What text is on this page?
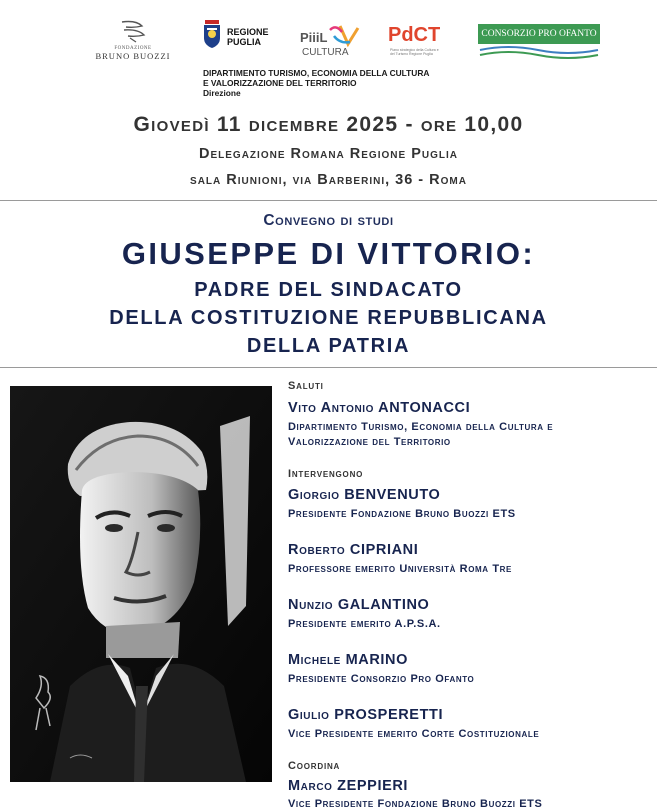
FONDAZIONE
BRUNO BUOZZI
REGIONE
PUGLIA	PiiiL
CULTURA
PdCT
Piano strategico della Cultura e del Turismo Regione Puglia
CONSORZIO PRO OFANTO
DIPARTIMENTO TURISMO, ECONOMIA DELLA CULTURA
E VALORIZZAZIONE DEL TERRITORIO
Direzione
Giovedì 11 dicembre 2025 - ore 10,00
Delegazione Romana Regione Puglia
sala Riunioni, via Barberini, 36 - Roma
Convegno di studi
GIUSEPPE DI VITTORIO:
PADRE DEL SINDACATO
DELLA COSTITUZIONE REPUBBLICANA
DELLA PATRIA
Saluti
Vito Antonio ANTONACCI
Dipartimento Turismo, Economia della Cultura e
Valorizzazione del Territorio
Intervengono
Giorgio BENVENUTO
Presidente Fondazione Bruno Buozzi ETS
Roberto CIPRIANI
Professore emerito Università Roma Tre
Nunzio GALANTINO
Presidente emerito A.P.S.A.
Michele MARINO
Presidente Consorzio Pro Ofanto
Giulio PROSPERETTI
Vice Presidente emerito Corte Costituzionale
Coordina
Marco ZEPPIERI
Vice Presidente Fondazione Bruno Buozzi ETS
